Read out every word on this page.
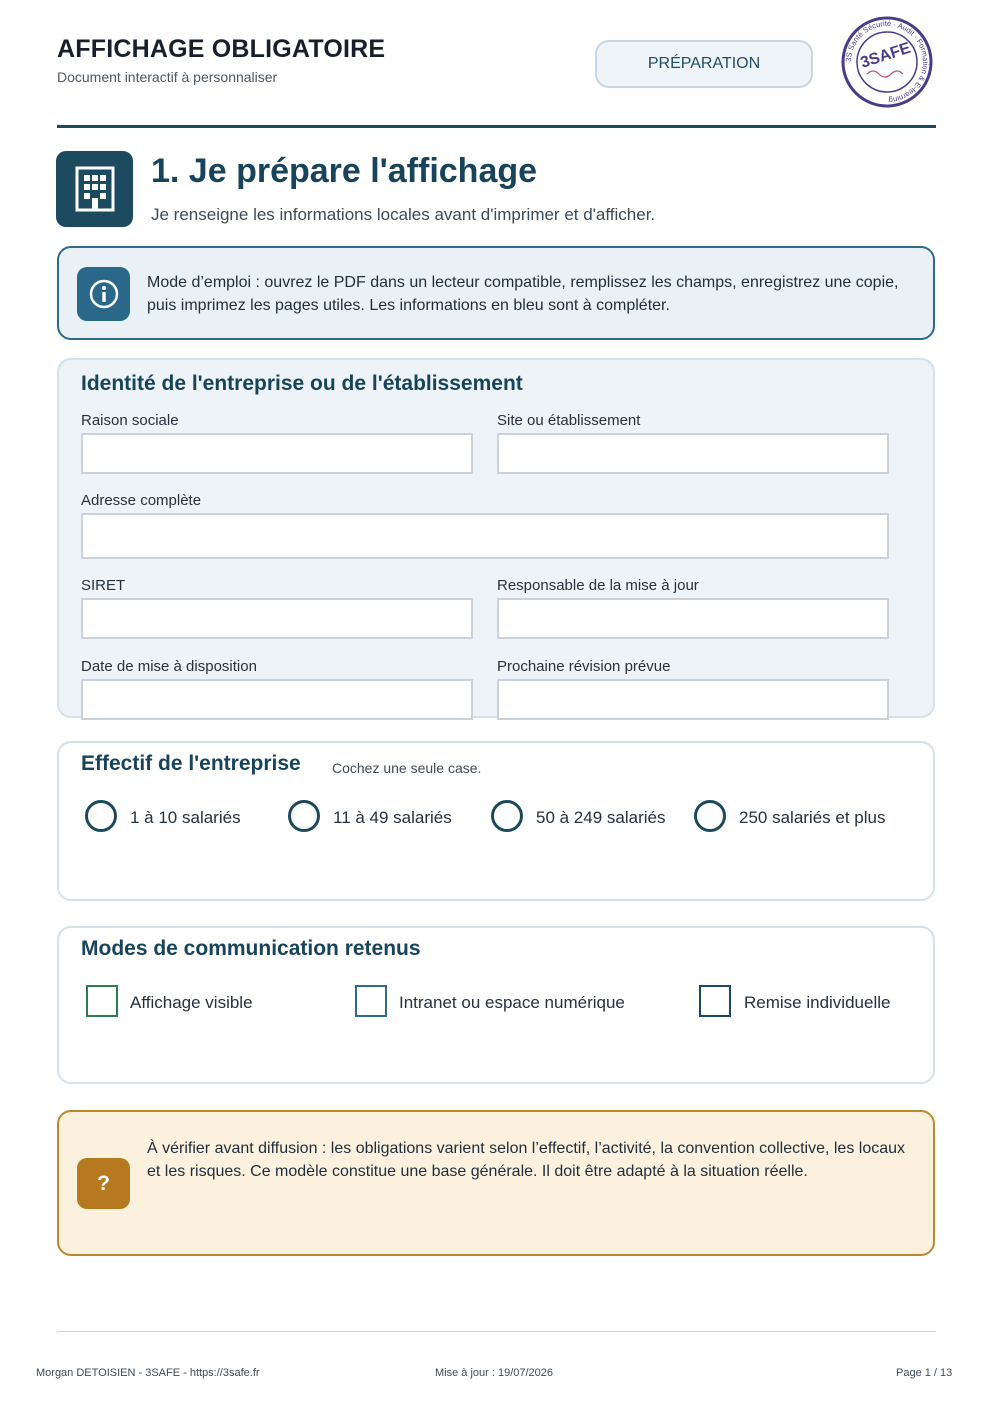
AFFICHAGE OBLIGATOIRE
Document interactif à personnaliser
PRÉPARATION	3S Santé Sécurité · Audit · Formation & E-learning
3SAFE
1. Je prépare l'affichage
Je renseigne les informations locales avant d'imprimer et d'afficher.
Mode d’emploi : ouvrez le PDF dans un lecteur compatible, remplissez les champs, enregistrez une copie, puis imprimez les pages utiles. Les informations en bleu sont à compléter.
Identité de l'entreprise ou de l'établissement
Raison sociale	Site ou établissement
Adresse complète
SIRET	Responsable de la mise à jour
Date de mise à disposition	Prochaine révision prévue
Effectif de l'entreprise Cochez une seule case.
1 à 10 salariés	11 à 49 salariés	50 à 249 salariés	250 salariés et plus
Modes de communication retenus
Affichage visible	Intranet ou espace numérique	Remise individuelle
?
À vérifier avant diffusion : les obligations varient selon l’effectif, l’activité, la convention collective, les locaux et les risques. Ce modèle constitue une base générale. Il doit être adapté à la situation réelle.
Morgan DETOISIEN - 3SAFE - https://3safe.fr	Mise à jour : 19/07/2026	Page 1 / 13
